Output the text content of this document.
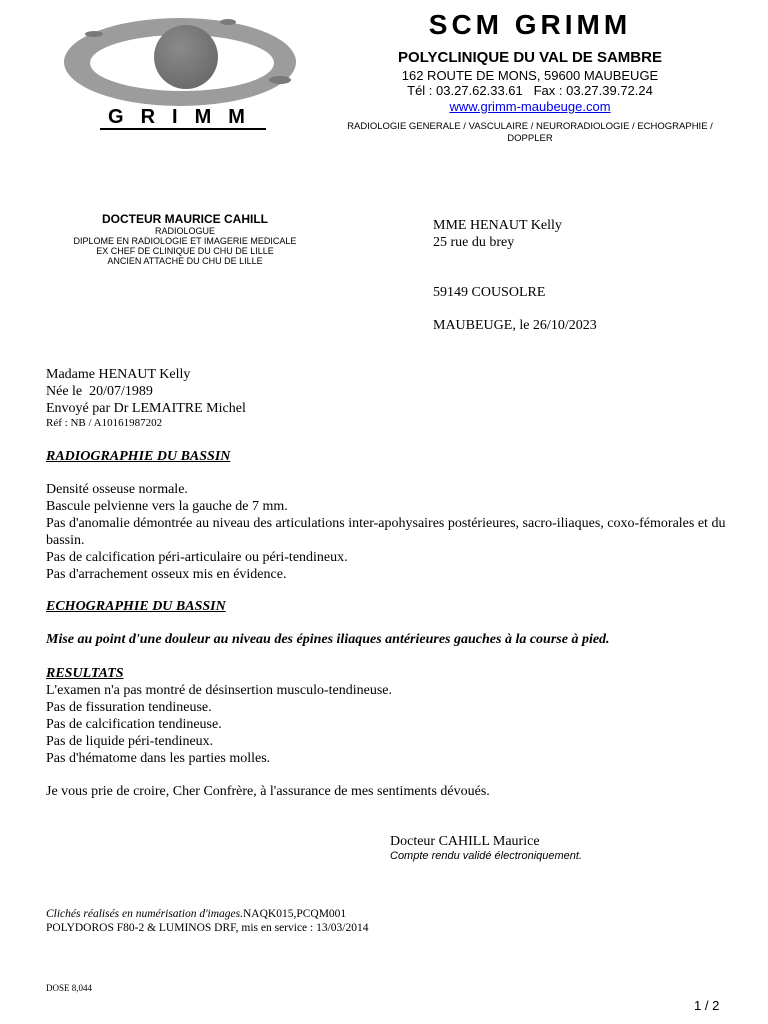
GRIMM
SCM GRIMM
POLYCLINIQUE DU VAL DE SAMBRE
162 ROUTE DE MONS, 59600 MAUBEUGE
Tél : 03.27.62.33.61   Fax : 03.27.39.72.24
www.grimm-maubeuge.com
RADIOLOGIE GENERALE / VASCULAIRE / NEURORADIOLOGIE / ECHOGRAPHIE / DOPPLER
DOCTEUR MAURICE CAHILL
RADIOLOGUE
DIPLOME EN RADIOLOGIE ET IMAGERIE MEDICALE
EX CHEF DE CLINIQUE DU CHU DE LILLE
ANCIEN ATTACHE DU CHU DE LILLE
MME HENAUT Kelly
25 rue du brey
59149 COUSOLRE
MAUBEUGE, le 26/10/2023
Madame HENAUT Kelly
Née le  20/07/1989
Envoyé par Dr LEMAITRE Michel
Réf : NB / A10161987202
RADIOGRAPHIE DU BASSIN
Densité osseuse normale.
Bascule pelvienne vers la gauche de 7 mm.
Pas d'anomalie démontrée au niveau des articulations inter-apohysaires postérieures, sacro-iliaques, coxo-fémorales et du bassin.
Pas de calcification péri-articulaire ou péri-tendineux.
Pas d'arrachement osseux mis en évidence.
ECHOGRAPHIE DU BASSIN
Mise au point d'une douleur au niveau des épines iliaques antérieures gauches à la course à pied.
RESULTATS
L'examen n'a pas montré de désinsertion musculo-tendineuse.
Pas de fissuration tendineuse.
Pas de calcification tendineuse.
Pas de liquide péri-tendineux.
Pas d'hématome dans les parties molles.
Je vous prie de croire, Cher Confrère, à l'assurance de mes sentiments dévoués.
Docteur CAHILL Maurice
Compte rendu validé électroniquement.
Clichés réalisés en numérisation d'images.NAQK015,PCQM001
POLYDOROS F80-2 & LUMINOS DRF, mis en service : 13/03/2014
DOSE 8,044
1 / 2
